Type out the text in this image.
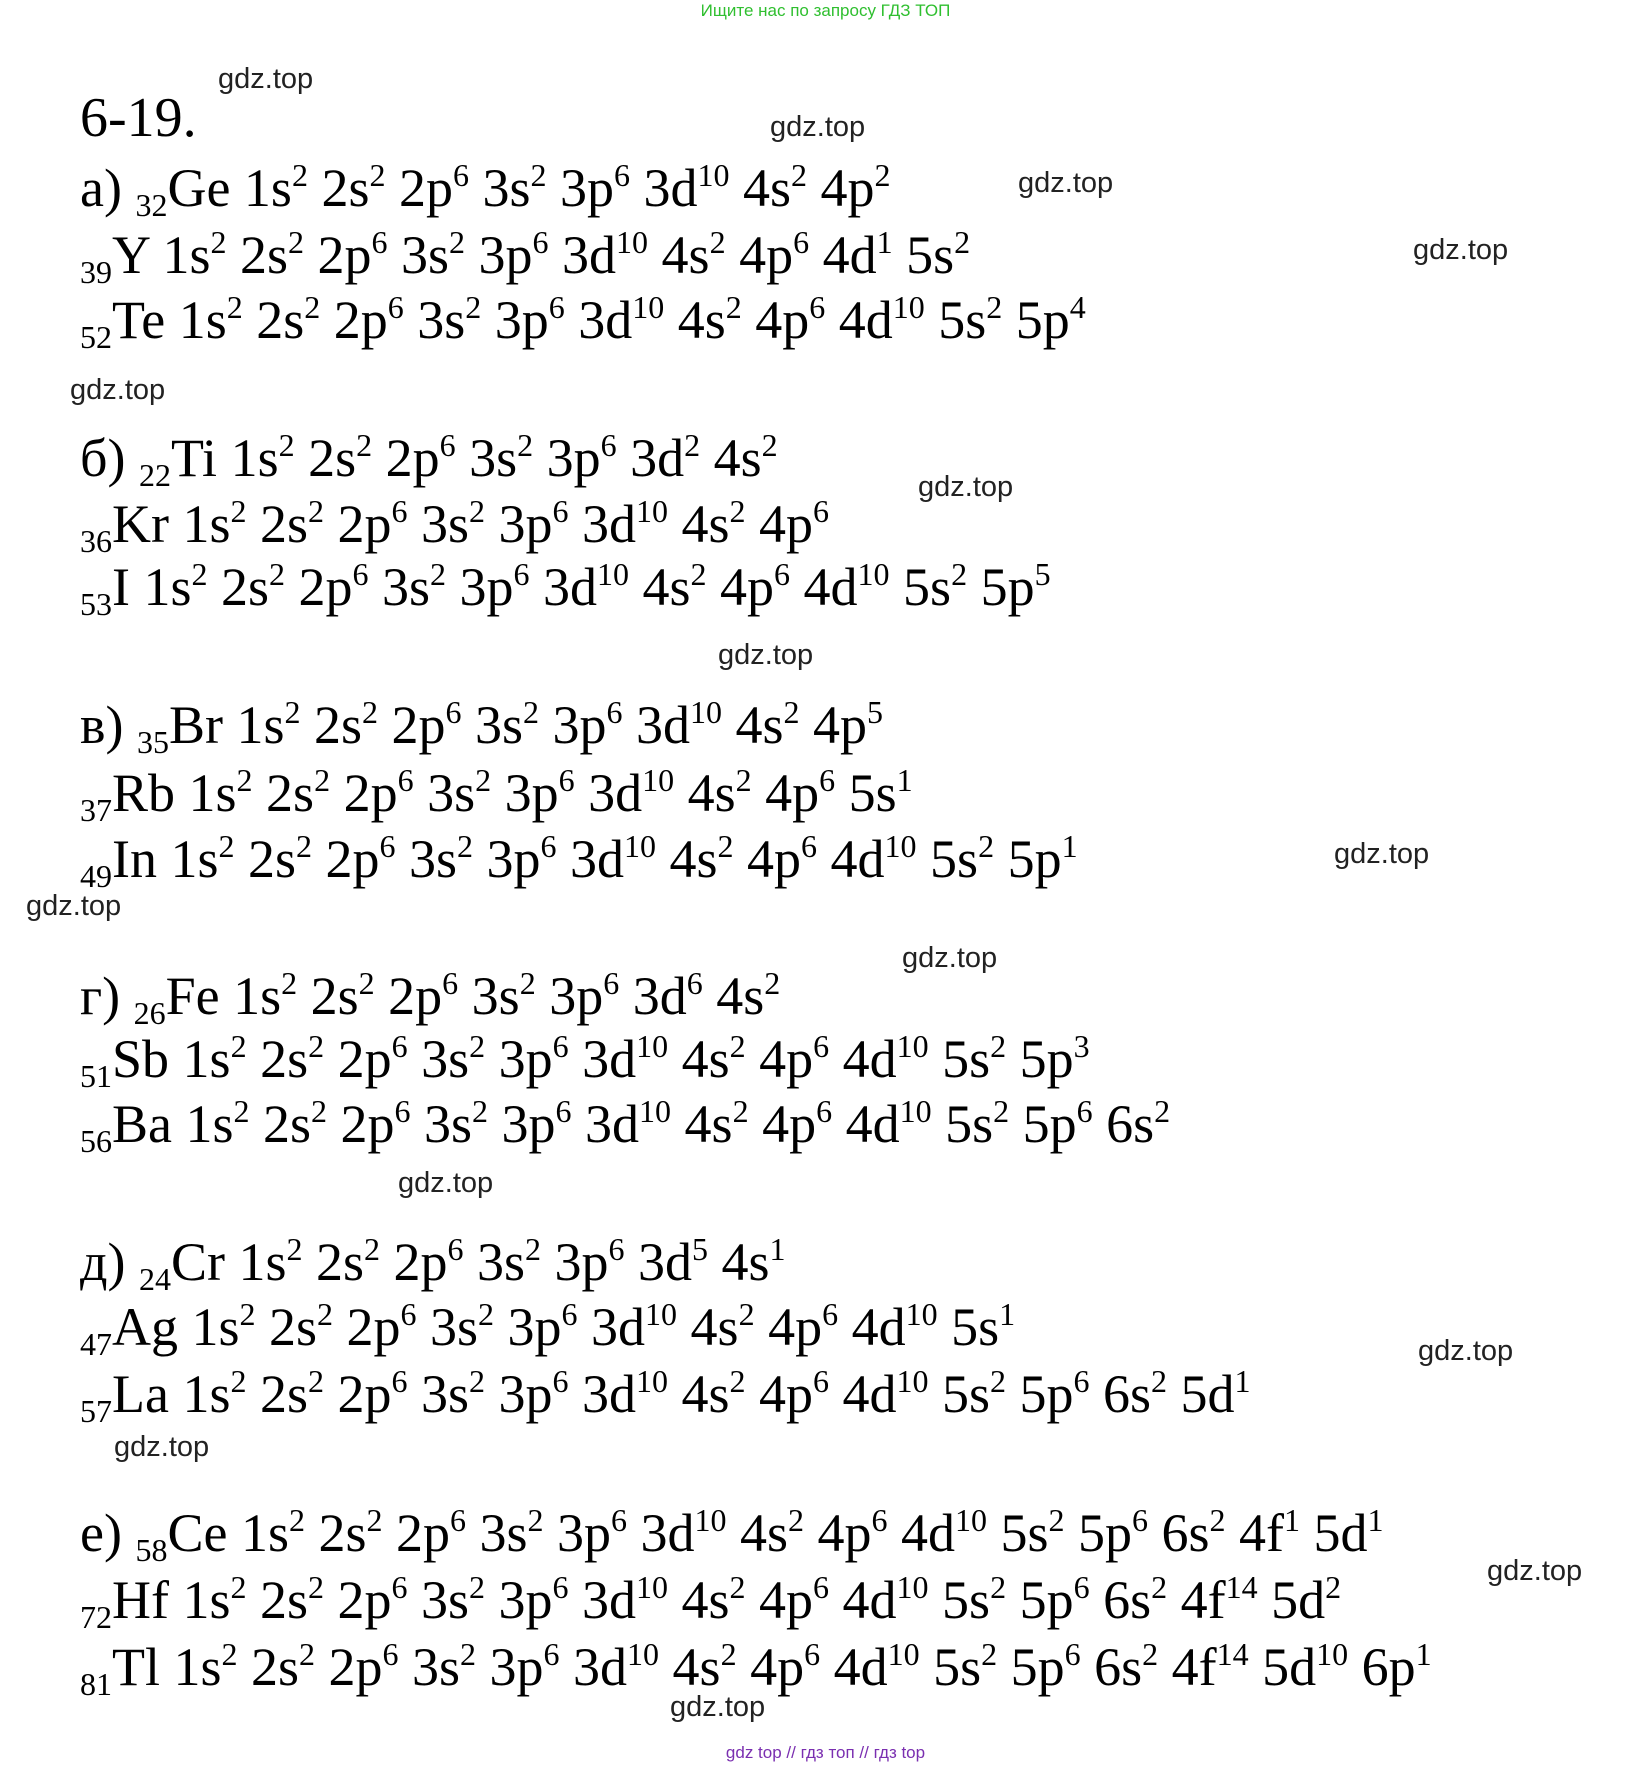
Ищите нас по запросу ГДЗ ТОП
6-19.
а) $_{32}$Ge $1s^2$ $2s^2$ $2p^6$ $3s^2$ $3p^6$ $3d^{10}$ $4s^2$ $4p^2$
$_{39}$Y $1s^2$ $2s^2$ $2p^6$ $3s^2$ $3p^6$ $3d^{10}$ $4s^2$ $4p^6$ $4d^1$ $5s^2$
$_{52}$Te $1s^2$ $2s^2$ $2p^6$ $3s^2$ $3p^6$ $3d^{10}$ $4s^2$ $4p^6$ $4d^{10}$ $5s^2$ $5p^4$
б) $_{22}$Ti $1s^2$ $2s^2$ $2p^6$ $3s^2$ $3p^6$ $3d^2$ $4s^2$
$_{36}$Kr $1s^2$ $2s^2$ $2p^6$ $3s^2$ $3p^6$ $3d^{10}$ $4s^2$ $4p^6$
$_{53}$I $1s^2$ $2s^2$ $2p^6$ $3s^2$ $3p^6$ $3d^{10}$ $4s^2$ $4p^6$ $4d^{10}$ $5s^2$ $5p^5$
в) $_{35}$Br $1s^2$ $2s^2$ $2p^6$ $3s^2$ $3p^6$ $3d^{10}$ $4s^2$ $4p^5$
$_{37}$Rb $1s^2$ $2s^2$ $2p^6$ $3s^2$ $3p^6$ $3d^{10}$ $4s^2$ $4p^6$ $5s^1$
$_{49}$In $1s^2$ $2s^2$ $2p^6$ $3s^2$ $3p^6$ $3d^{10}$ $4s^2$ $4p^6$ $4d^{10}$ $5s^2$ $5p^1$
г) $_{26}$Fe $1s^2$ $2s^2$ $2p^6$ $3s^2$ $3p^6$ $3d^6$ $4s^2$
$_{51}$Sb $1s^2$ $2s^2$ $2p^6$ $3s^2$ $3p^6$ $3d^{10}$ $4s^2$ $4p^6$ $4d^{10}$ $5s^2$ $5p^3$
$_{56}$Ba $1s^2$ $2s^2$ $2p^6$ $3s^2$ $3p^6$ $3d^{10}$ $4s^2$ $4p^6$ $4d^{10}$ $5s^2$ $5p^6$ $6s^2$
д) $_{24}$Cr $1s^2$ $2s^2$ $2p^6$ $3s^2$ $3p^6$ $3d^5$ $4s^1$
$_{47}$Ag $1s^2$ $2s^2$ $2p^6$ $3s^2$ $3p^6$ $3d^{10}$ $4s^2$ $4p^6$ $4d^{10}$ $5s^1$
$_{57}$La $1s^2$ $2s^2$ $2p^6$ $3s^2$ $3p^6$ $3d^{10}$ $4s^2$ $4p^6$ $4d^{10}$ $5s^2$ $5p^6$ $6s^2$ $5d^1$
е) $_{58}$Ce $1s^2$ $2s^2$ $2p^6$ $3s^2$ $3p^6$ $3d^{10}$ $4s^2$ $4p^6$ $4d^{10}$ $5s^2$ $5p^6$ $6s^2$ $4f^1$ $5d^1$
$_{72}$Hf $1s^2$ $2s^2$ $2p^6$ $3s^2$ $3p^6$ $3d^{10}$ $4s^2$ $4p^6$ $4d^{10}$ $5s^2$ $5p^6$ $6s^2$ $4f^{14}$ $5d^2$
$_{81}$Tl $1s^2$ $2s^2$ $2p^6$ $3s^2$ $3p^6$ $3d^{10}$ $4s^2$ $4p^6$ $4d^{10}$ $5s^2$ $5p^6$ $6s^2$ $4f^{14}$ $5d^{10}$ $6p^1$
gdz.top
gdz.top
gdz.top
gdz.top
gdz.top
gdz.top
gdz.top
gdz.top
gdz.top
gdz.top
gdz.top
gdz.top
gdz.top
gdz.top
gdz.top
gdz top // гдз топ // гдз top
